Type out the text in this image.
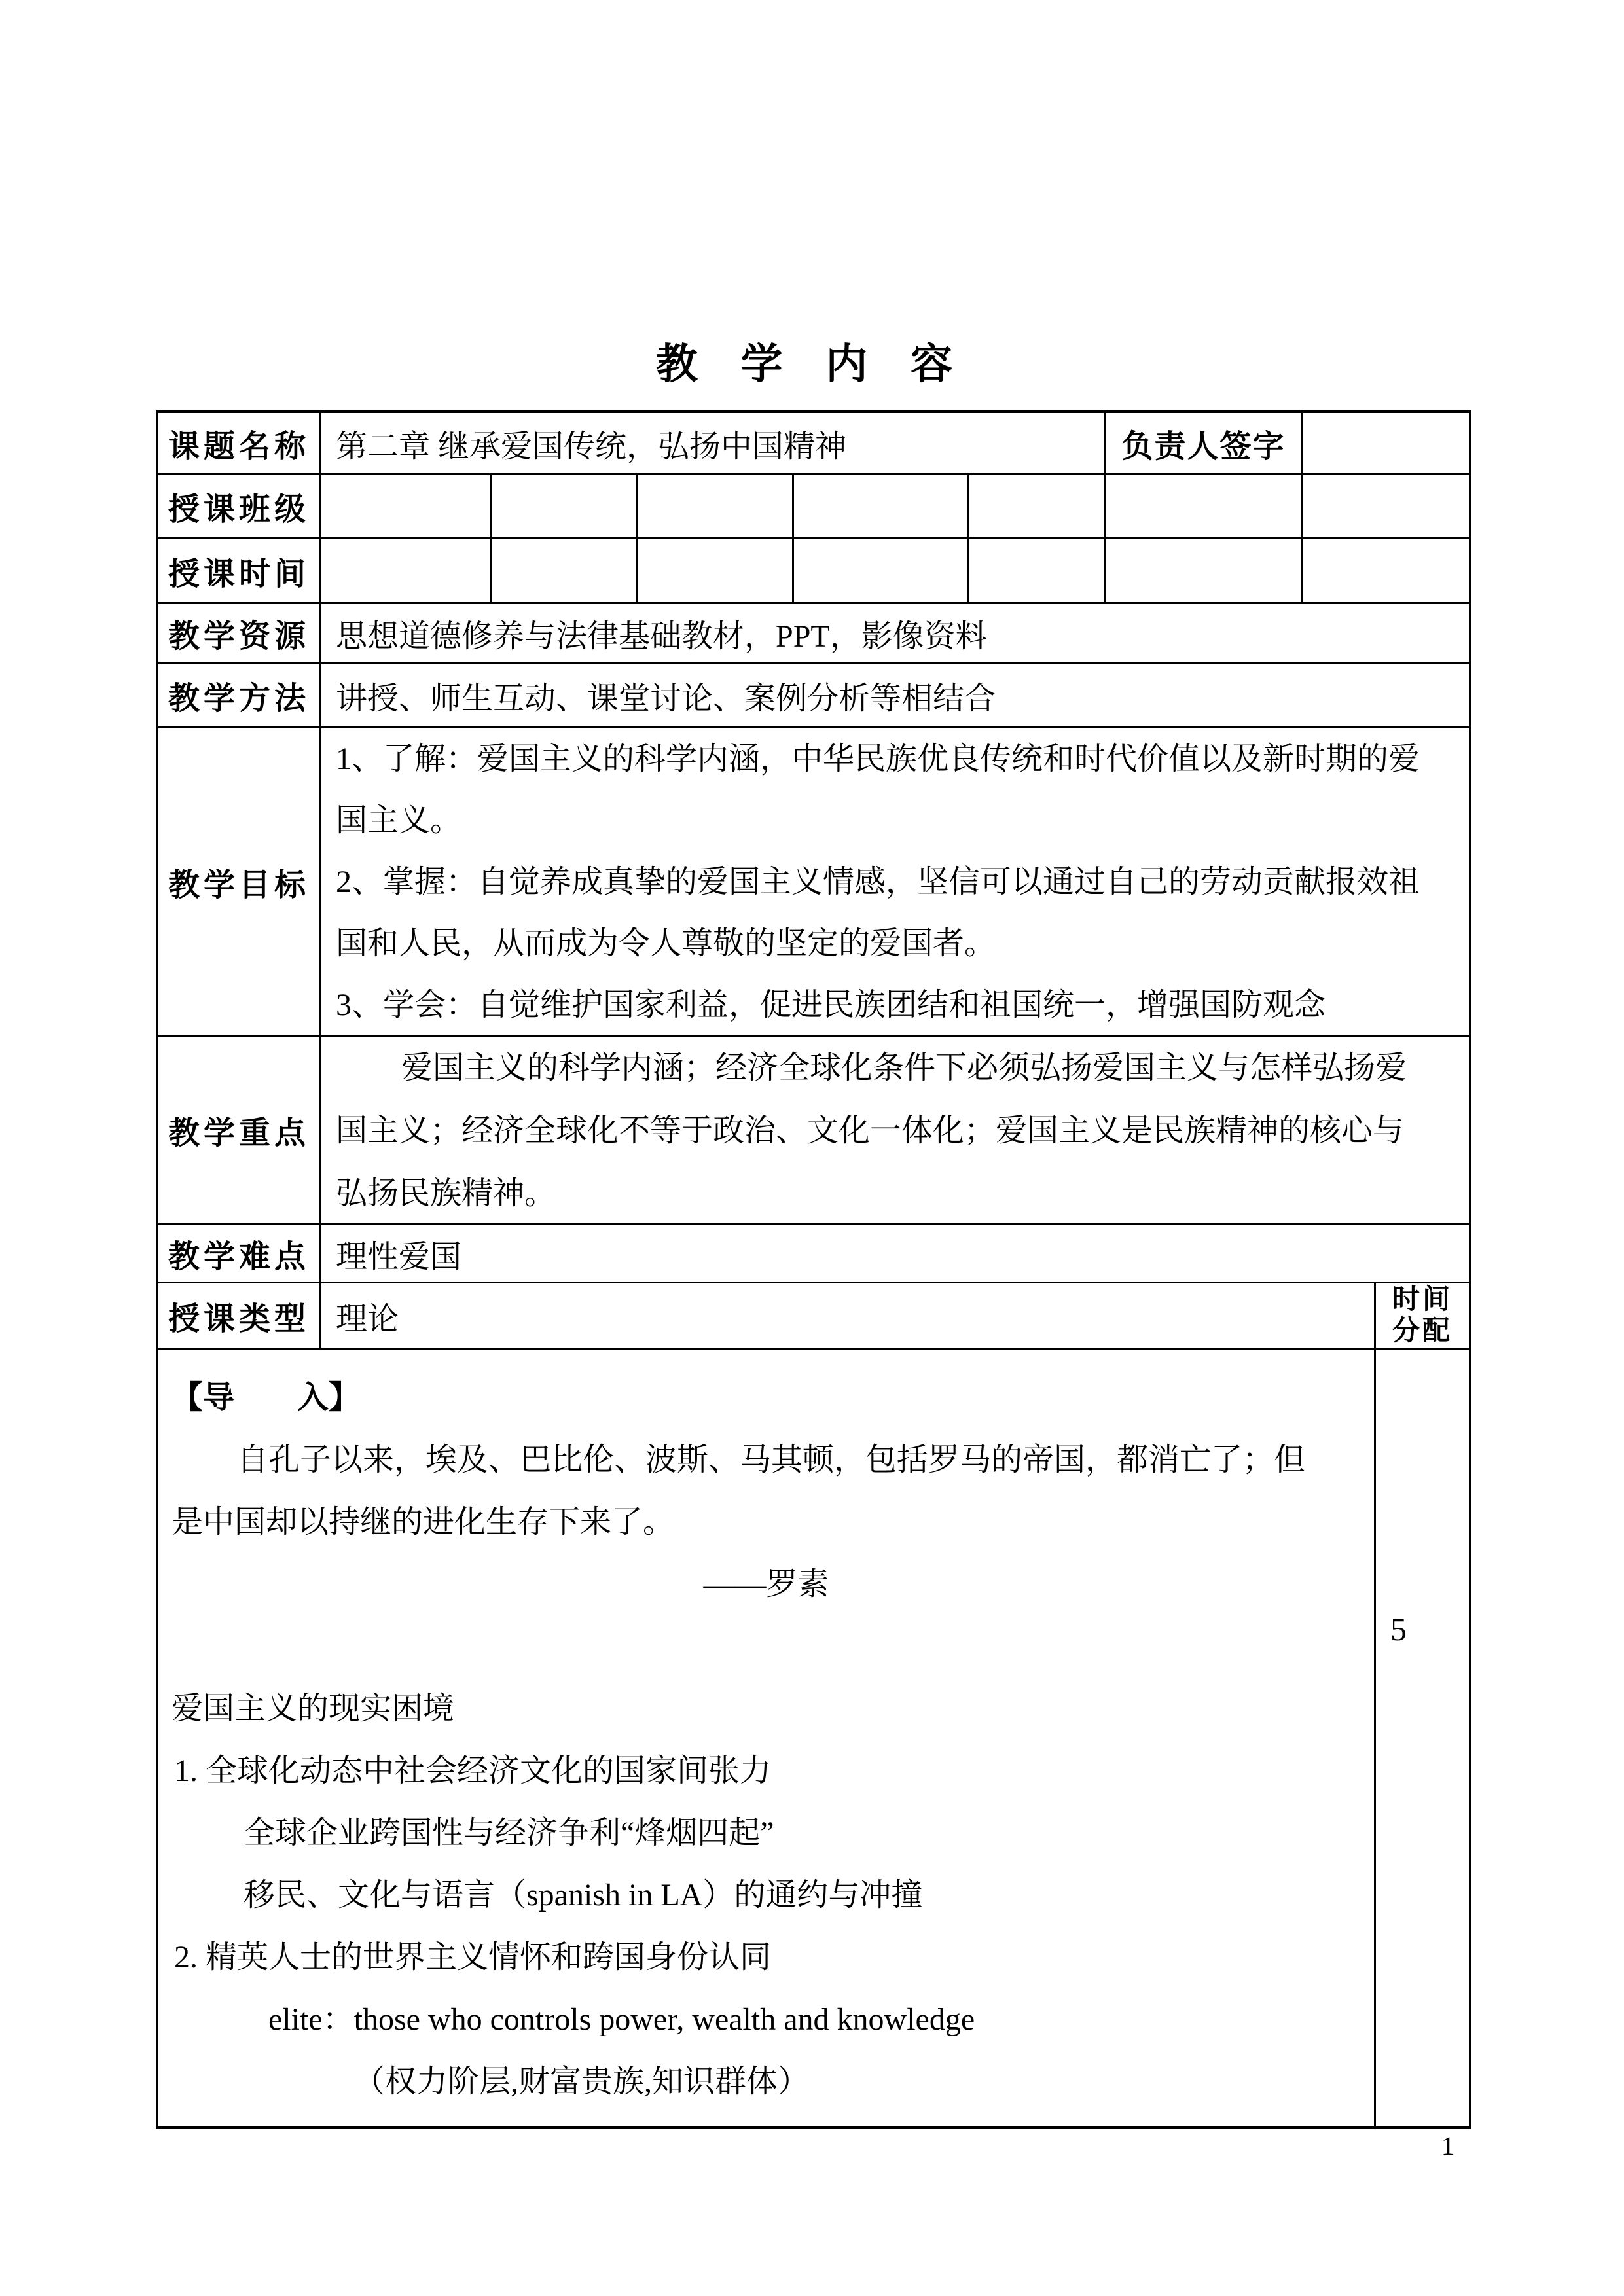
教 学 内 容
课题名称 第二章 继承爱国传统，弘扬中国精神	负责人签字
授课班级
授课时间
教学资源 思想道德修养与法律基础教材，PPT，影像资料
教学方法 讲授、师生互动、课堂讨论、案例分析等相结合
教学目标
1、了解：爱国主义的科学内涵，中华民族优良传统和时代价值以及新时期的爱
国主义。
2、掌握：自觉养成真挚的爱国主义情感，坚信可以通过自己的劳动贡献报效祖
国和人民，从而成为令人尊敬的坚定的爱国者。
3、学会：自觉维护国家利益，促进民族团结和祖国统一，增强国防观念
教学重点
爱国主义的科学内涵；经济全球化条件下必须弘扬爱国主义与怎样弘扬爱
国主义；经济全球化不等于政治、文化一体化；爱国主义是民族精神的核心与
弘扬民族精神。
教学难点 理性爱国
授课类型 理论
时间
分配
【导　　入】
自孔子以来，埃及、巴比伦、波斯、马其顿，包括罗马的帝国，都消亡了；但
是中国却以持继的进化生存下来了。
——罗素

爱国主义的现实困境
1. 全球化动态中社会经济文化的国家间张力
全球企业跨国性与经济争利“烽烟四起”
移民、文化与语言（spanish in LA）的通约与冲撞
2. 精英人士的世界主义情怀和跨国身份认同
elite：those who controls power, wealth and knowledge
（权力阶层,财富贵族,知识群体）
5
1
